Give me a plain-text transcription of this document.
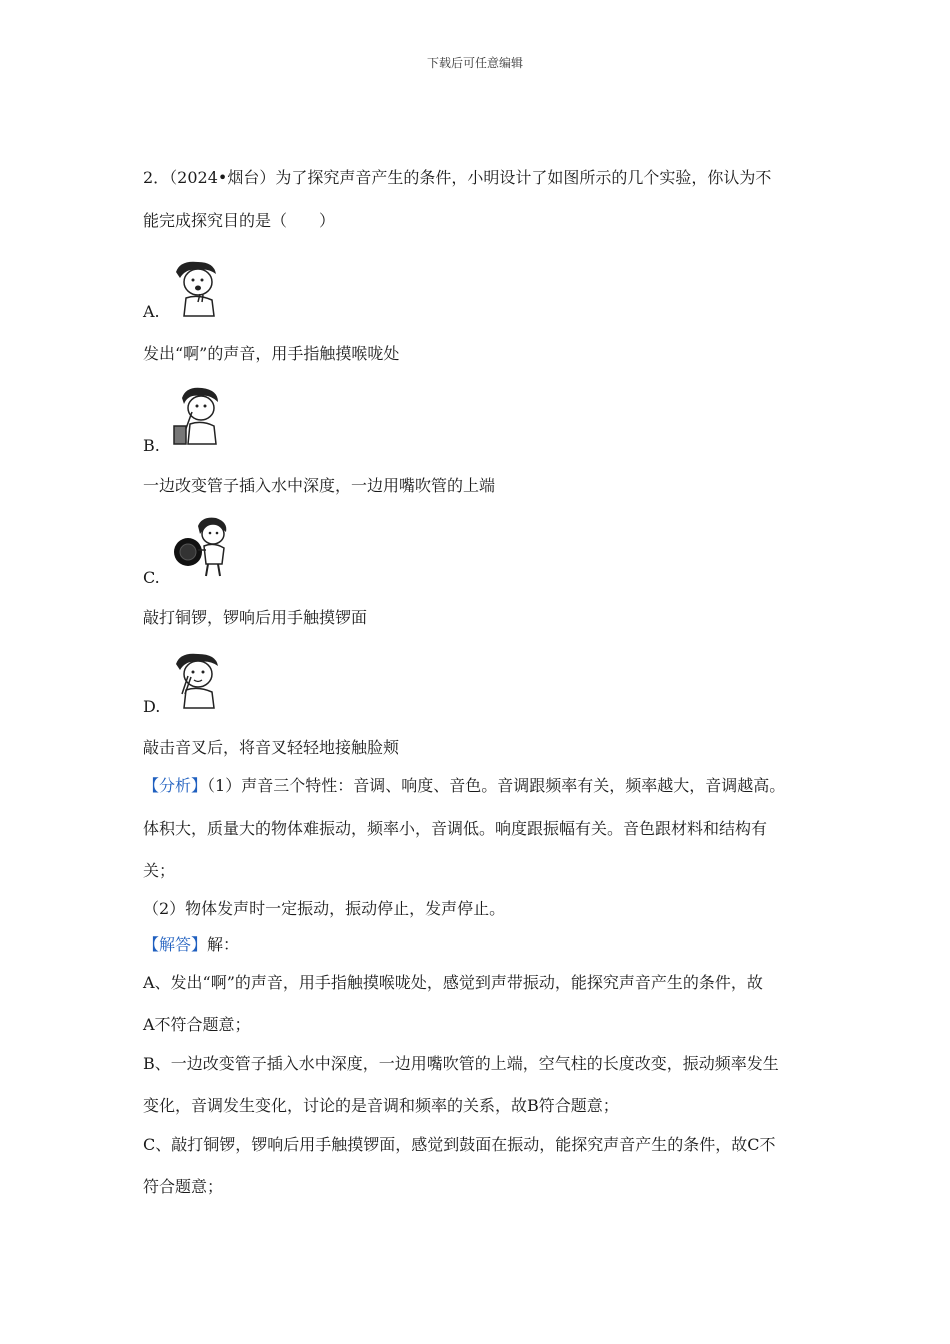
下载后可任意编辑
2．（2024•烟台）为了探究声音产生的条件，小明设计了如图所示的几个实验，你认为不
能完成探究目的是（　　）
A.
发出“啊”的声音，用手指触摸喉咙处
B.
一边改变管子插入水中深度，一边用嘴吹管的上端
C.
敲打铜锣，锣响后用手触摸锣面
D.
敲击音叉后，将音叉轻轻地接触脸颊
【分析】（1）声音三个特性：音调、响度、音色。音调跟频率有关，频率越大，音调越高。
体积大，质量大的物体难振动，频率小，音调低。响度跟振幅有关。音色跟材料和结构有
关；
（2）物体发声时一定振动，振动停止，发声停止。
【解答】解：
A、发出“啊”的声音，用手指触摸喉咙处，感觉到声带振动，能探究声音产生的条件，故
A不符合题意；
B、一边改变管子插入水中深度，一边用嘴吹管的上端，空气柱的长度改变，振动频率发生
变化，音调发生变化，讨论的是音调和频率的关系，故B符合题意；
C、敲打铜锣，锣响后用手触摸锣面，感觉到鼓面在振动，能探究声音产生的条件，故C不
符合题意；
